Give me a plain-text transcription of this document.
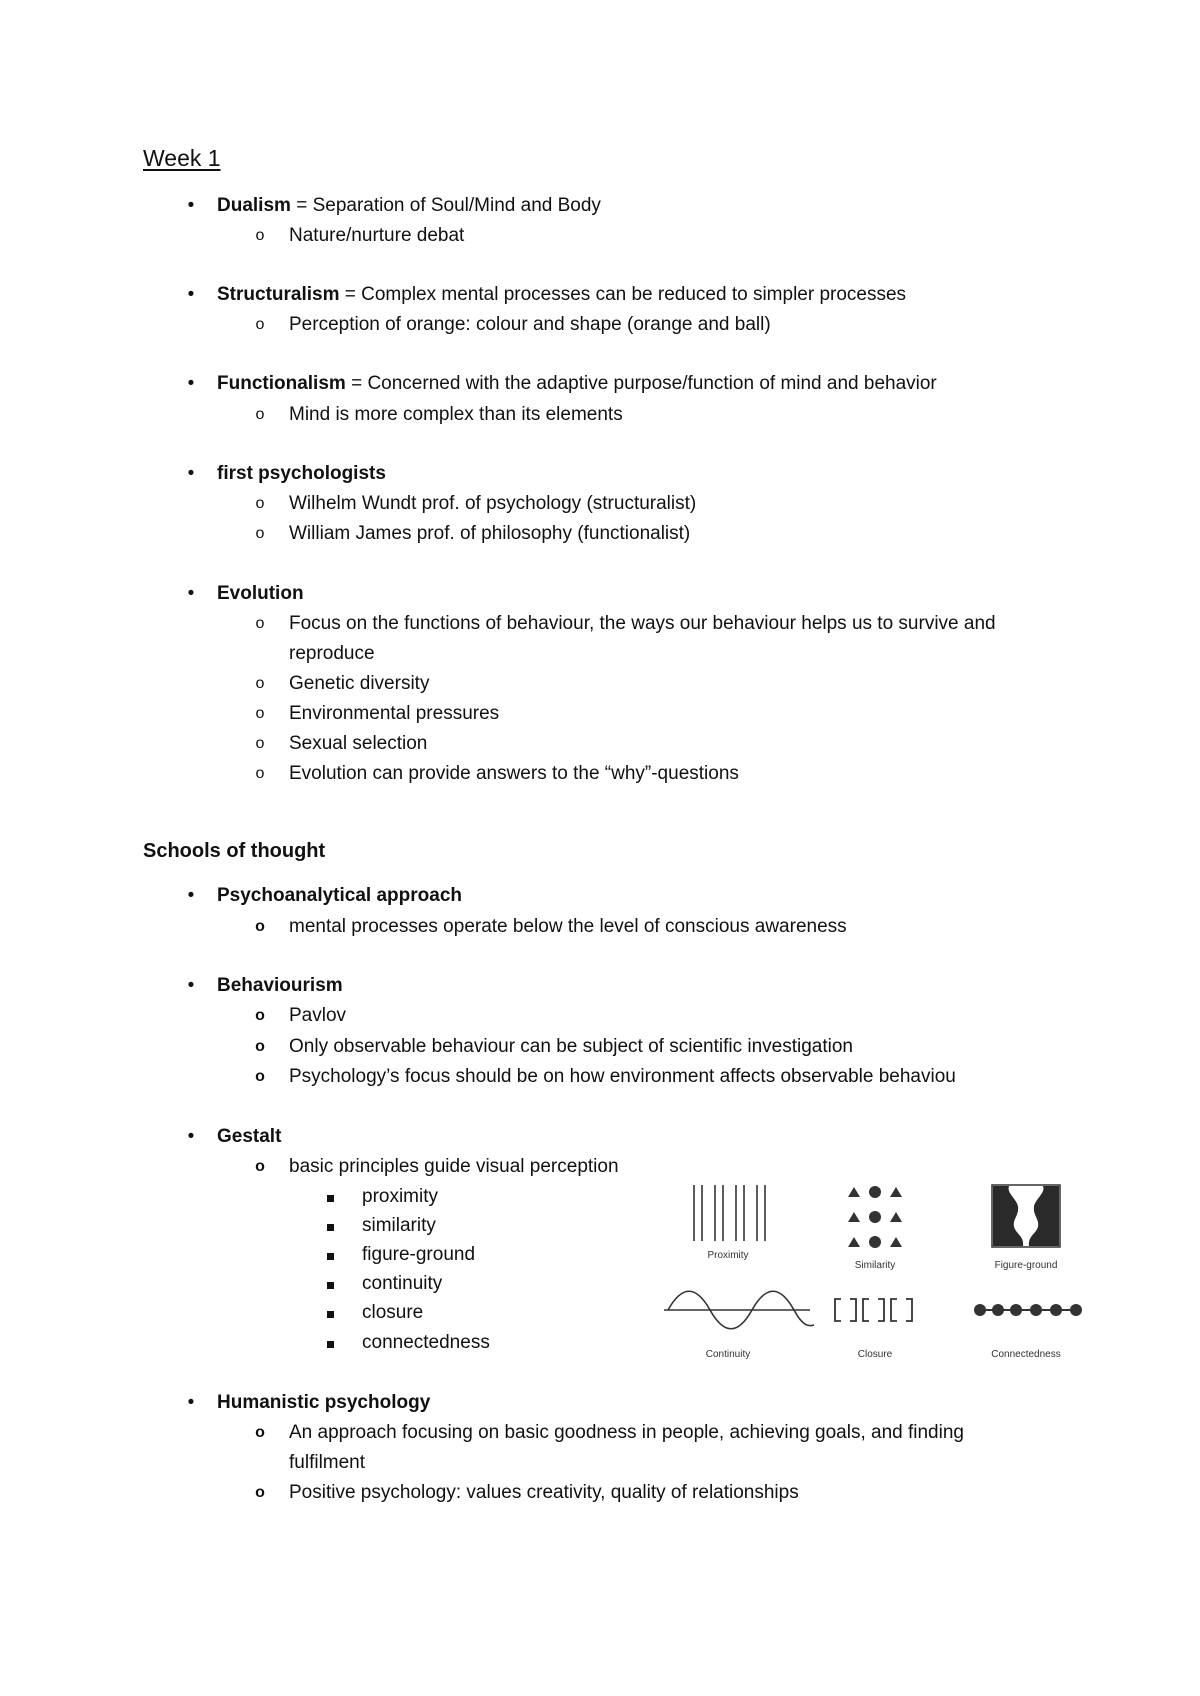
Week 1
• Dualism = Separation of Soul/Mind and Body
o Nature/nurture debat
• Structuralism = Complex mental processes can be reduced to simpler processes
o Perception of orange: colour and shape (orange and ball)
• Functionalism = Concerned with the adaptive purpose/function of mind and behavior
o Mind is more complex than its elements
• first psychologists
o Wilhelm Wundt prof. of psychology (structuralist)
o William James prof. of philosophy (functionalist)
• Evolution
o Focus on the functions of behaviour, the ways our behaviour helps us to survive and
reproduce
o Genetic diversity
o Environmental pressures
o Sexual selection
o Evolution can provide answers to the “why”-questions
Schools of thought
• Psychoanalytical approach
o mental processes operate below the level of conscious awareness
• Behaviourism
o Pavlov
o Only observable behaviour can be subject of scientific investigation
o Psychology’s focus should be on how environment affects observable behaviou
• Gestalt
o basic principles guide visual perception
proximity
similarity
figure-ground
continuity
closure
connectedness
Proximity
Similarity	Figure-ground
Continuity	Closure	Connectedness
• Humanistic psychology
o An approach focusing on basic goodness in people, achieving goals, and finding
fulfilment
o Positive psychology: values creativity, quality of relationships
